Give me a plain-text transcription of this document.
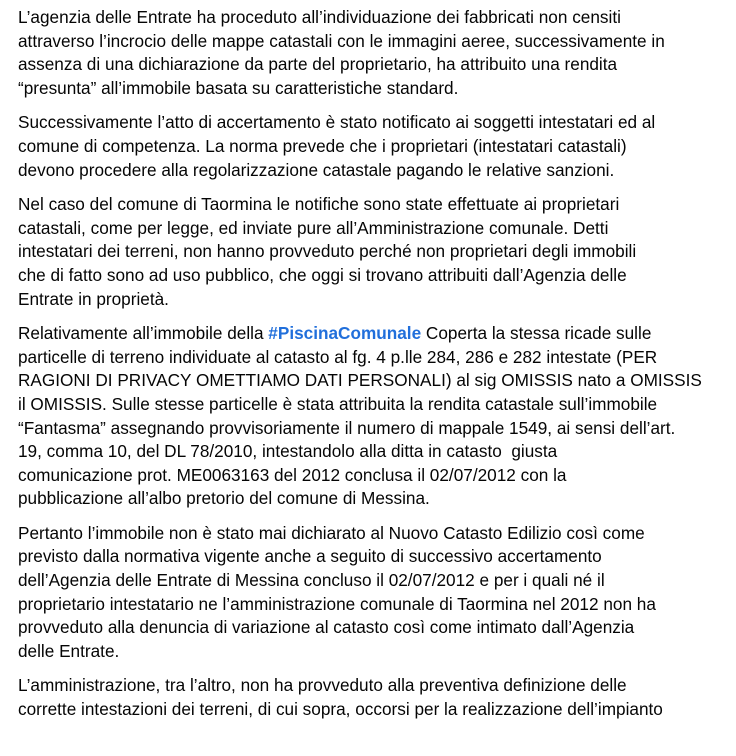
L’agenzia delle Entrate ha proceduto all’individuazione dei fabbricati non censiti
attraverso l’incrocio delle mappe catastali con le immagini aeree, successivamente in
assenza di una dichiarazione da parte del proprietario, ha attribuito una rendita
“presunta” all’immobile basata su caratteristiche standard.
Successivamente l’atto di accertamento è stato notificato ai soggetti intestatari ed al
comune di competenza. La norma prevede che i proprietari (intestatari catastali)
devono procedere alla regolarizzazione catastale pagando le relative sanzioni.
Nel caso del comune di Taormina le notifiche sono state effettuate ai proprietari
catastali, come per legge, ed inviate pure all’Amministrazione comunale. Detti
intestatari dei terreni, non hanno provveduto perché non proprietari degli immobili
che di fatto sono ad uso pubblico, che oggi si trovano attribuiti dall’Agenzia delle
Entrate in proprietà.
Relativamente all’immobile della #PiscinaComunale Coperta la stessa ricade sulle
particelle di terreno individuate al catasto al fg. 4 p.lle 284, 286 e 282 intestate (PER
RAGIONI DI PRIVACY OMETTIAMO DATI PERSONALI) al sig OMISSIS nato a OMISSIS
il OMISSIS. Sulle stesse particelle è stata attribuita la rendita catastale sull’immobile
“Fantasma” assegnando provvisoriamente il numero di mappale 1549, ai sensi dell’art.
19, comma 10, del DL 78/2010, intestandolo alla ditta in catasto  giusta
comunicazione prot. ME0063163 del 2012 conclusa il 02/07/2012 con la
pubblicazione all’albo pretorio del comune di Messina.
Pertanto l’immobile non è stato mai dichiarato al Nuovo Catasto Edilizio così come
previsto dalla normativa vigente anche a seguito di successivo accertamento
dell’Agenzia delle Entrate di Messina concluso il 02/07/2012 e per i quali né il
proprietario intestatario ne l’amministrazione comunale di Taormina nel 2012 non ha
provveduto alla denuncia di variazione al catasto così come intimato dall’Agenzia
delle Entrate.
L’amministrazione, tra l’altro, non ha provveduto alla preventiva definizione delle
corrette intestazioni dei terreni, di cui sopra, occorsi per la realizzazione dell’impianto
